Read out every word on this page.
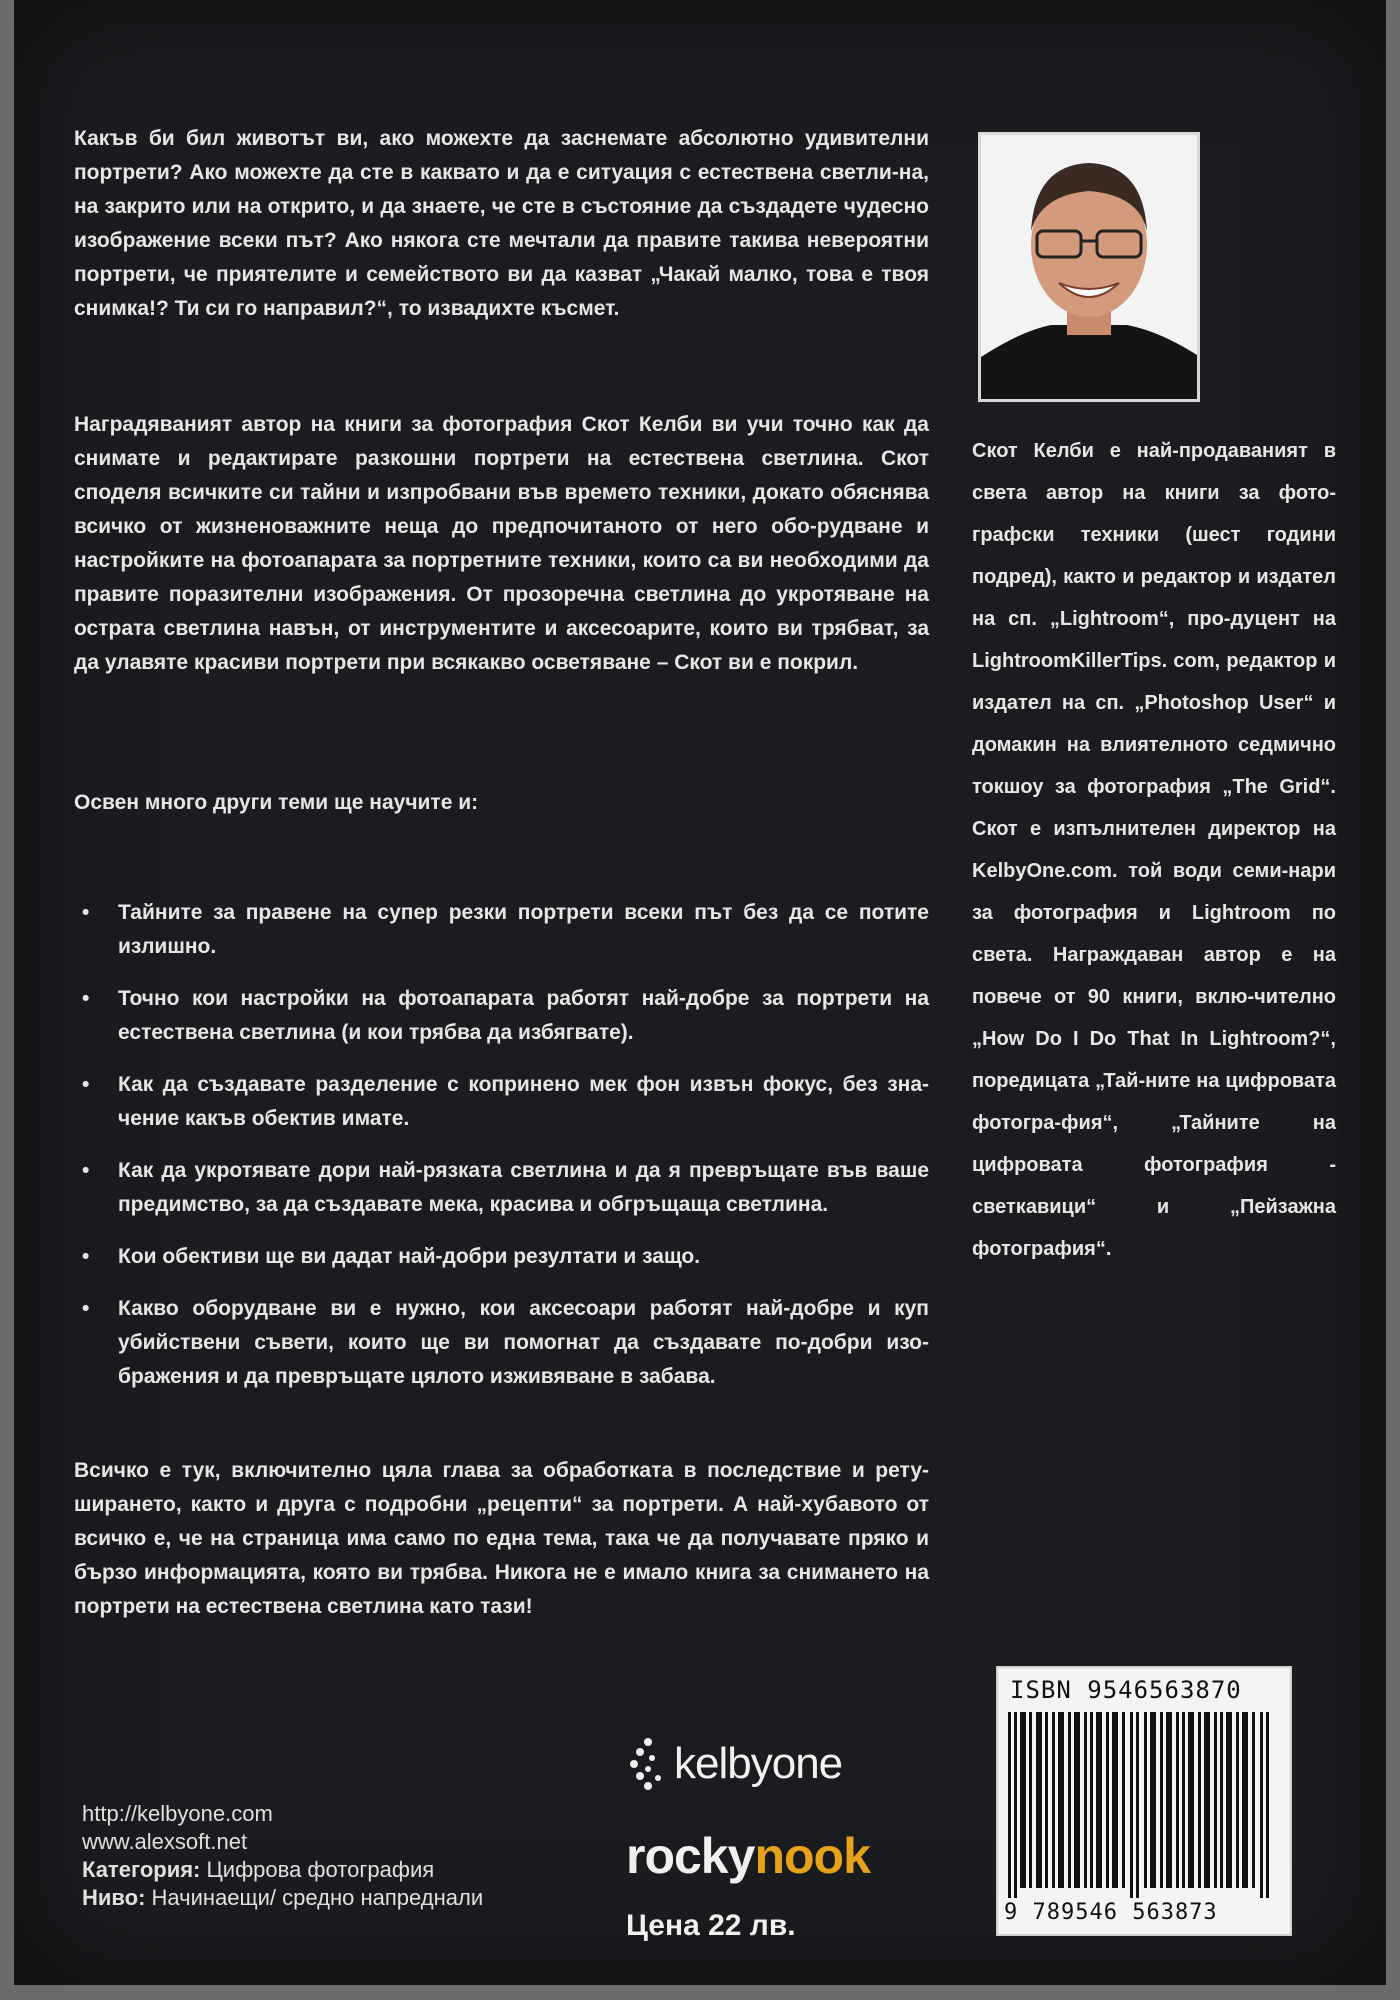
Какъв би бил животът ви, ако можехте да заснемате абсолютно удивителни портрети? Ако можехте да сте в каквато и да е ситуация с естествена светли-на, на закрито или на открито, и да знаете, че сте в състояние да създадете чудесно изображение всеки път? Ако някога сте мечтали да правите такива невероятни портрети, че приятелите и семейството ви да казват „Чакай малко, това е твоя снимка!? Ти си го направил?“, то извадихте късмет.

Наградяваният автор на книги за фотография Скот Келби ви учи точно как да снимате и редактирате разкошни портрети на естествена светлина. Скот споделя всичките си тайни и изпробвани във времето техники, докато обяснява всичко от жизненоважните неща до предпочитаното от него обо-рудване и настройките на фотоапарата за портретните техники, които са ви необходими да правите поразителни изображения. От прозоречна светлина до укротяване на острата светлина навън, от инструментите и аксесоарите, които ви трябват, за да улавяте красиви портрети при всякакво осветяване – Скот ви е покрил.

Освен много други теми ще научите и:

• Тайните за правене на супер резки портрети всеки път без да се потите излишно.
• Точно кои настройки на фотоапарата работят най-добре за портрети на естествена светлина (и кои трябва да избягвате).
• Как да създавате разделение с копринено мек фон извън фокус, без зна-чение какъв обектив имате.
• Как да укротявате дори най-рязката светлина и да я превръщате във ваше предимство, за да създавате мека, красива и обгръщаща светлина.
• Кои обективи ще ви дадат най-добри резултати и защо.
• Какво оборудване ви е нужно, кои аксесоари работят най-добре и куп убийствени съвети, които ще ви помогнат да създавате по-добри изо-бражения и да превръщате цялото изживяване в забава.

Всичко е тук, включително цяла глава за обработката в последствие и рету-ширането, както и друга с подробни „рецепти“ за портрети. А най-хубавото от всичко е, че на страница има само по една тема, така че да получавате пряко и бързо информацията, която ви трябва. Никога не е имало книга за снимането на портрети на естествена светлина като тази!

Скот Келби е най-продаваният в света автор на книги за фото-графски техники (шест години подред), както и редактор и издател на сп. „Lightroom“, про-дуцент на LightroomKillerTips. com, редактор и издател на сп. „Photoshop User“ и домакин на влиятелното седмично токшоу за фотография „The Grid“. Скот е изпълнителен директор на KelbyOne.com. той води семи-нари за фотография и Lightroom по света. Награждаван автор е на повече от 90 книги, вклю-чително „How Do I Do That In Lightroom?“, поредицата „Тай-ните на цифровата фотогра-фия“, „Тайните на цифровата фотография - светкавици“ и „Пейзажна фотография“.
http://kelbyone.com
www.alexsoft.net
Категория: Цифрова фотография
Ниво: Начинаещи/ средно напреднали
kelbyone
rockynook
Цена 22 лв.
ISBN 9546563870
9 789546 563873
